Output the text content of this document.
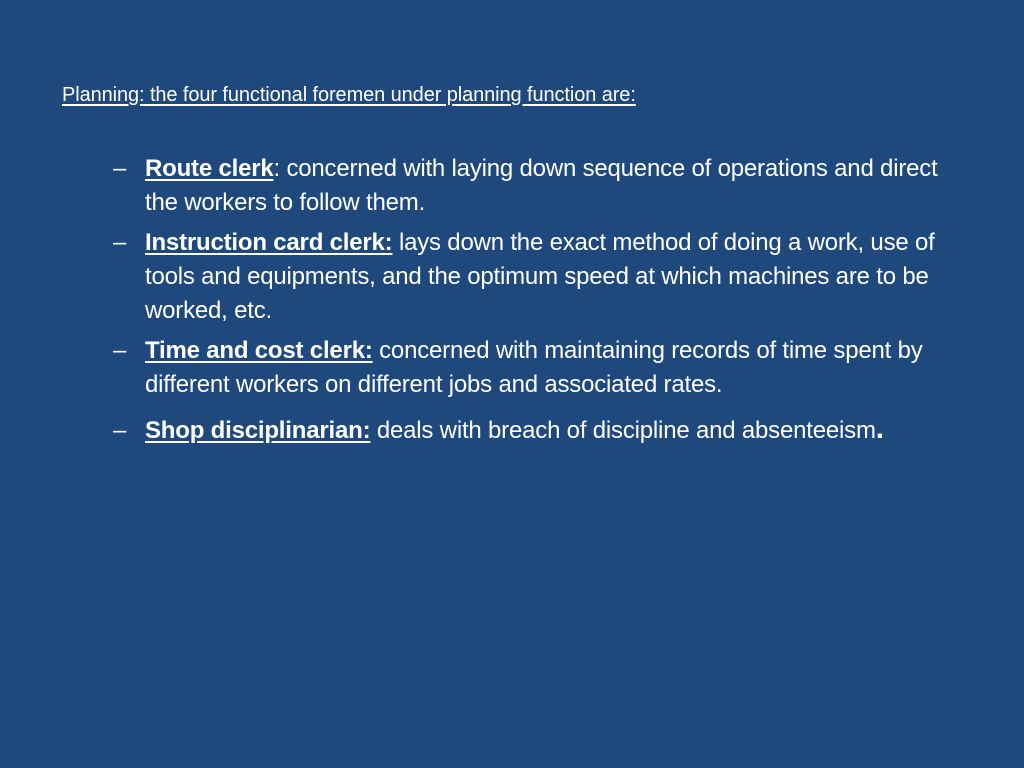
Planning: the four functional foremen under planning function are:
– Route clerk: concerned with laying down sequence of operations and direct the workers to follow them.
– Instruction card clerk: lays down the exact method of doing a work, use of tools and equipments, and the optimum speed at which machines are to be worked, etc.
– Time and cost clerk: concerned with maintaining records of time spent by different workers on different jobs and associated rates.
– Shop disciplinarian: deals with breach of discipline and absenteeism.
